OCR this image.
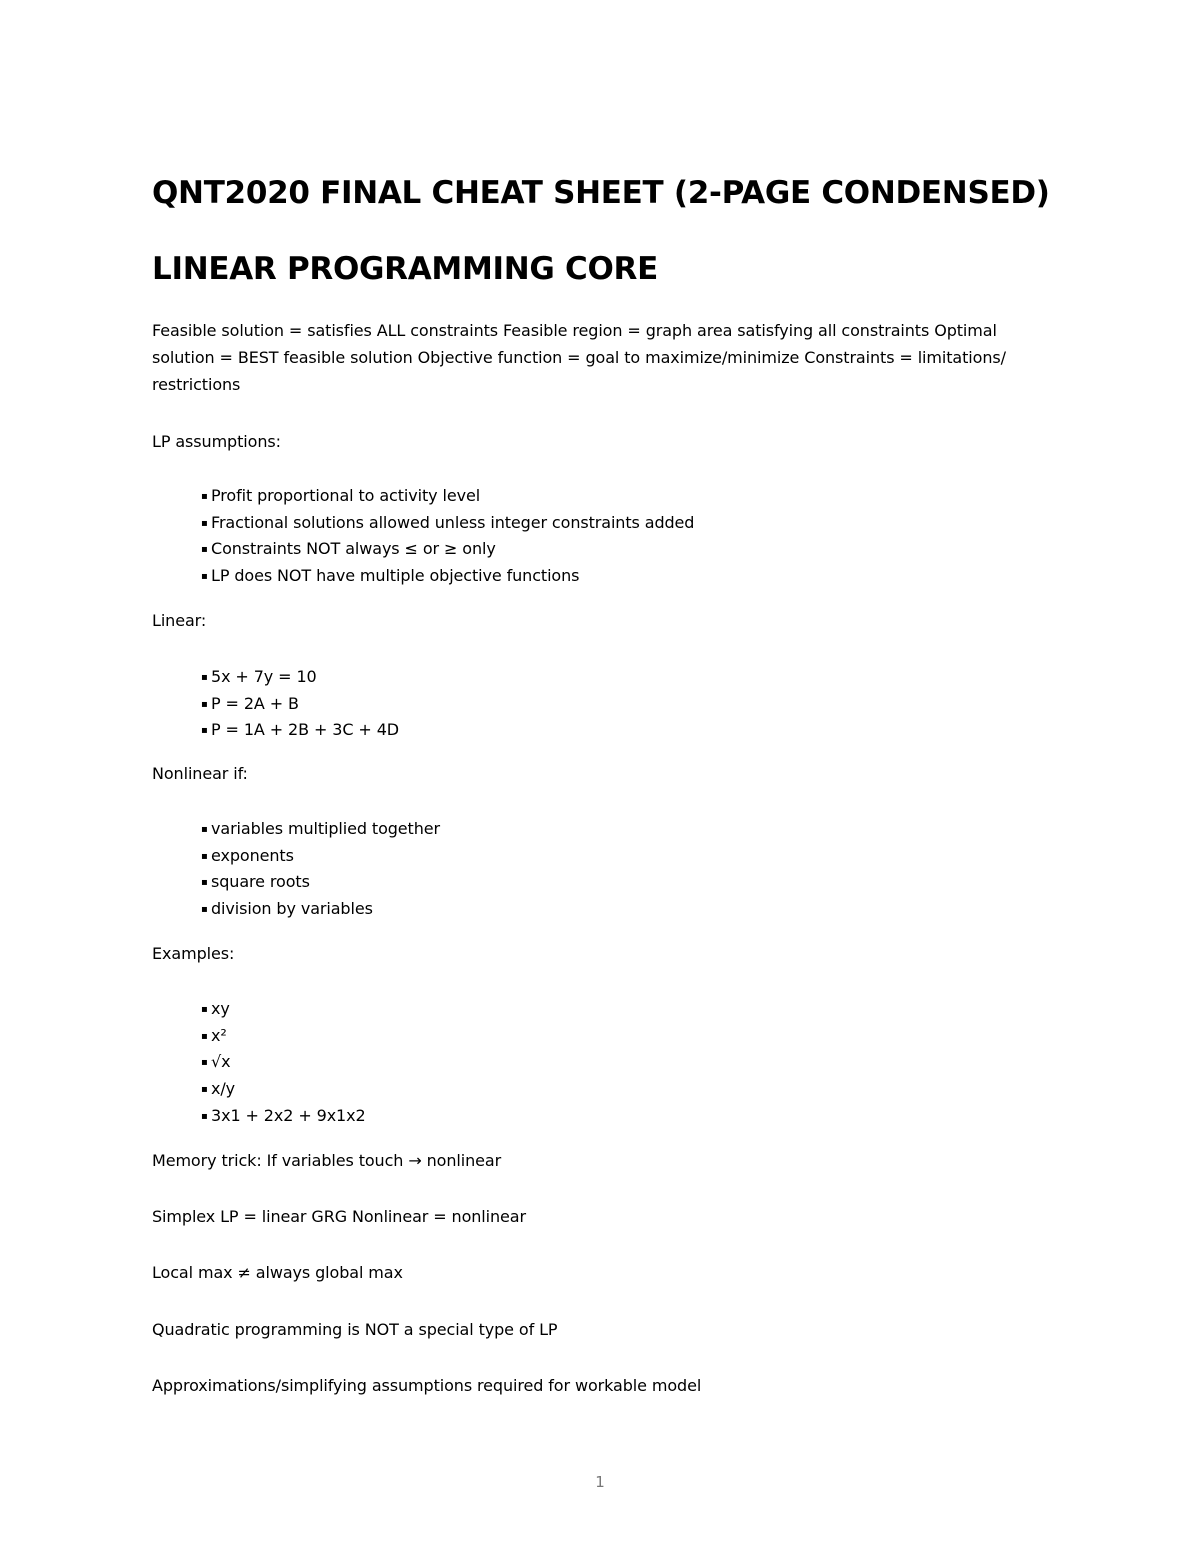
QNT2020 FINAL CHEAT SHEET (2-PAGE CONDENSED)
LINEAR PROGRAMMING CORE

Feasible solution = satisfies ALL constraints Feasible region = graph area satisfying all constraints Optimal solution = BEST feasible solution Objective function = goal to maximize/minimize Constraints = limitations/ restrictions

LP assumptions:

▪ Profit proportional to activity level
▪ Fractional solutions allowed unless integer constraints added
▪ Constraints NOT always ≤ or ≥ only
▪ LP does NOT have multiple objective functions

Linear:

▪ 5x + 7y = 10
▪ P = 2A + B
▪ P = 1A + 2B + 3C + 4D

Nonlinear if:

▪ variables multiplied together
▪ exponents
▪ square roots
▪ division by variables

Examples:

▪ xy
▪ x²
▪ √x
▪ x/y
▪ 3x1 + 2x2 + 9x1x2

Memory trick: If variables touch → nonlinear

Simplex LP = linear GRG Nonlinear = nonlinear

Local max ≠ always global max

Quadratic programming is NOT a special type of LP

Approximations/simplifying assumptions required for workable model

1
